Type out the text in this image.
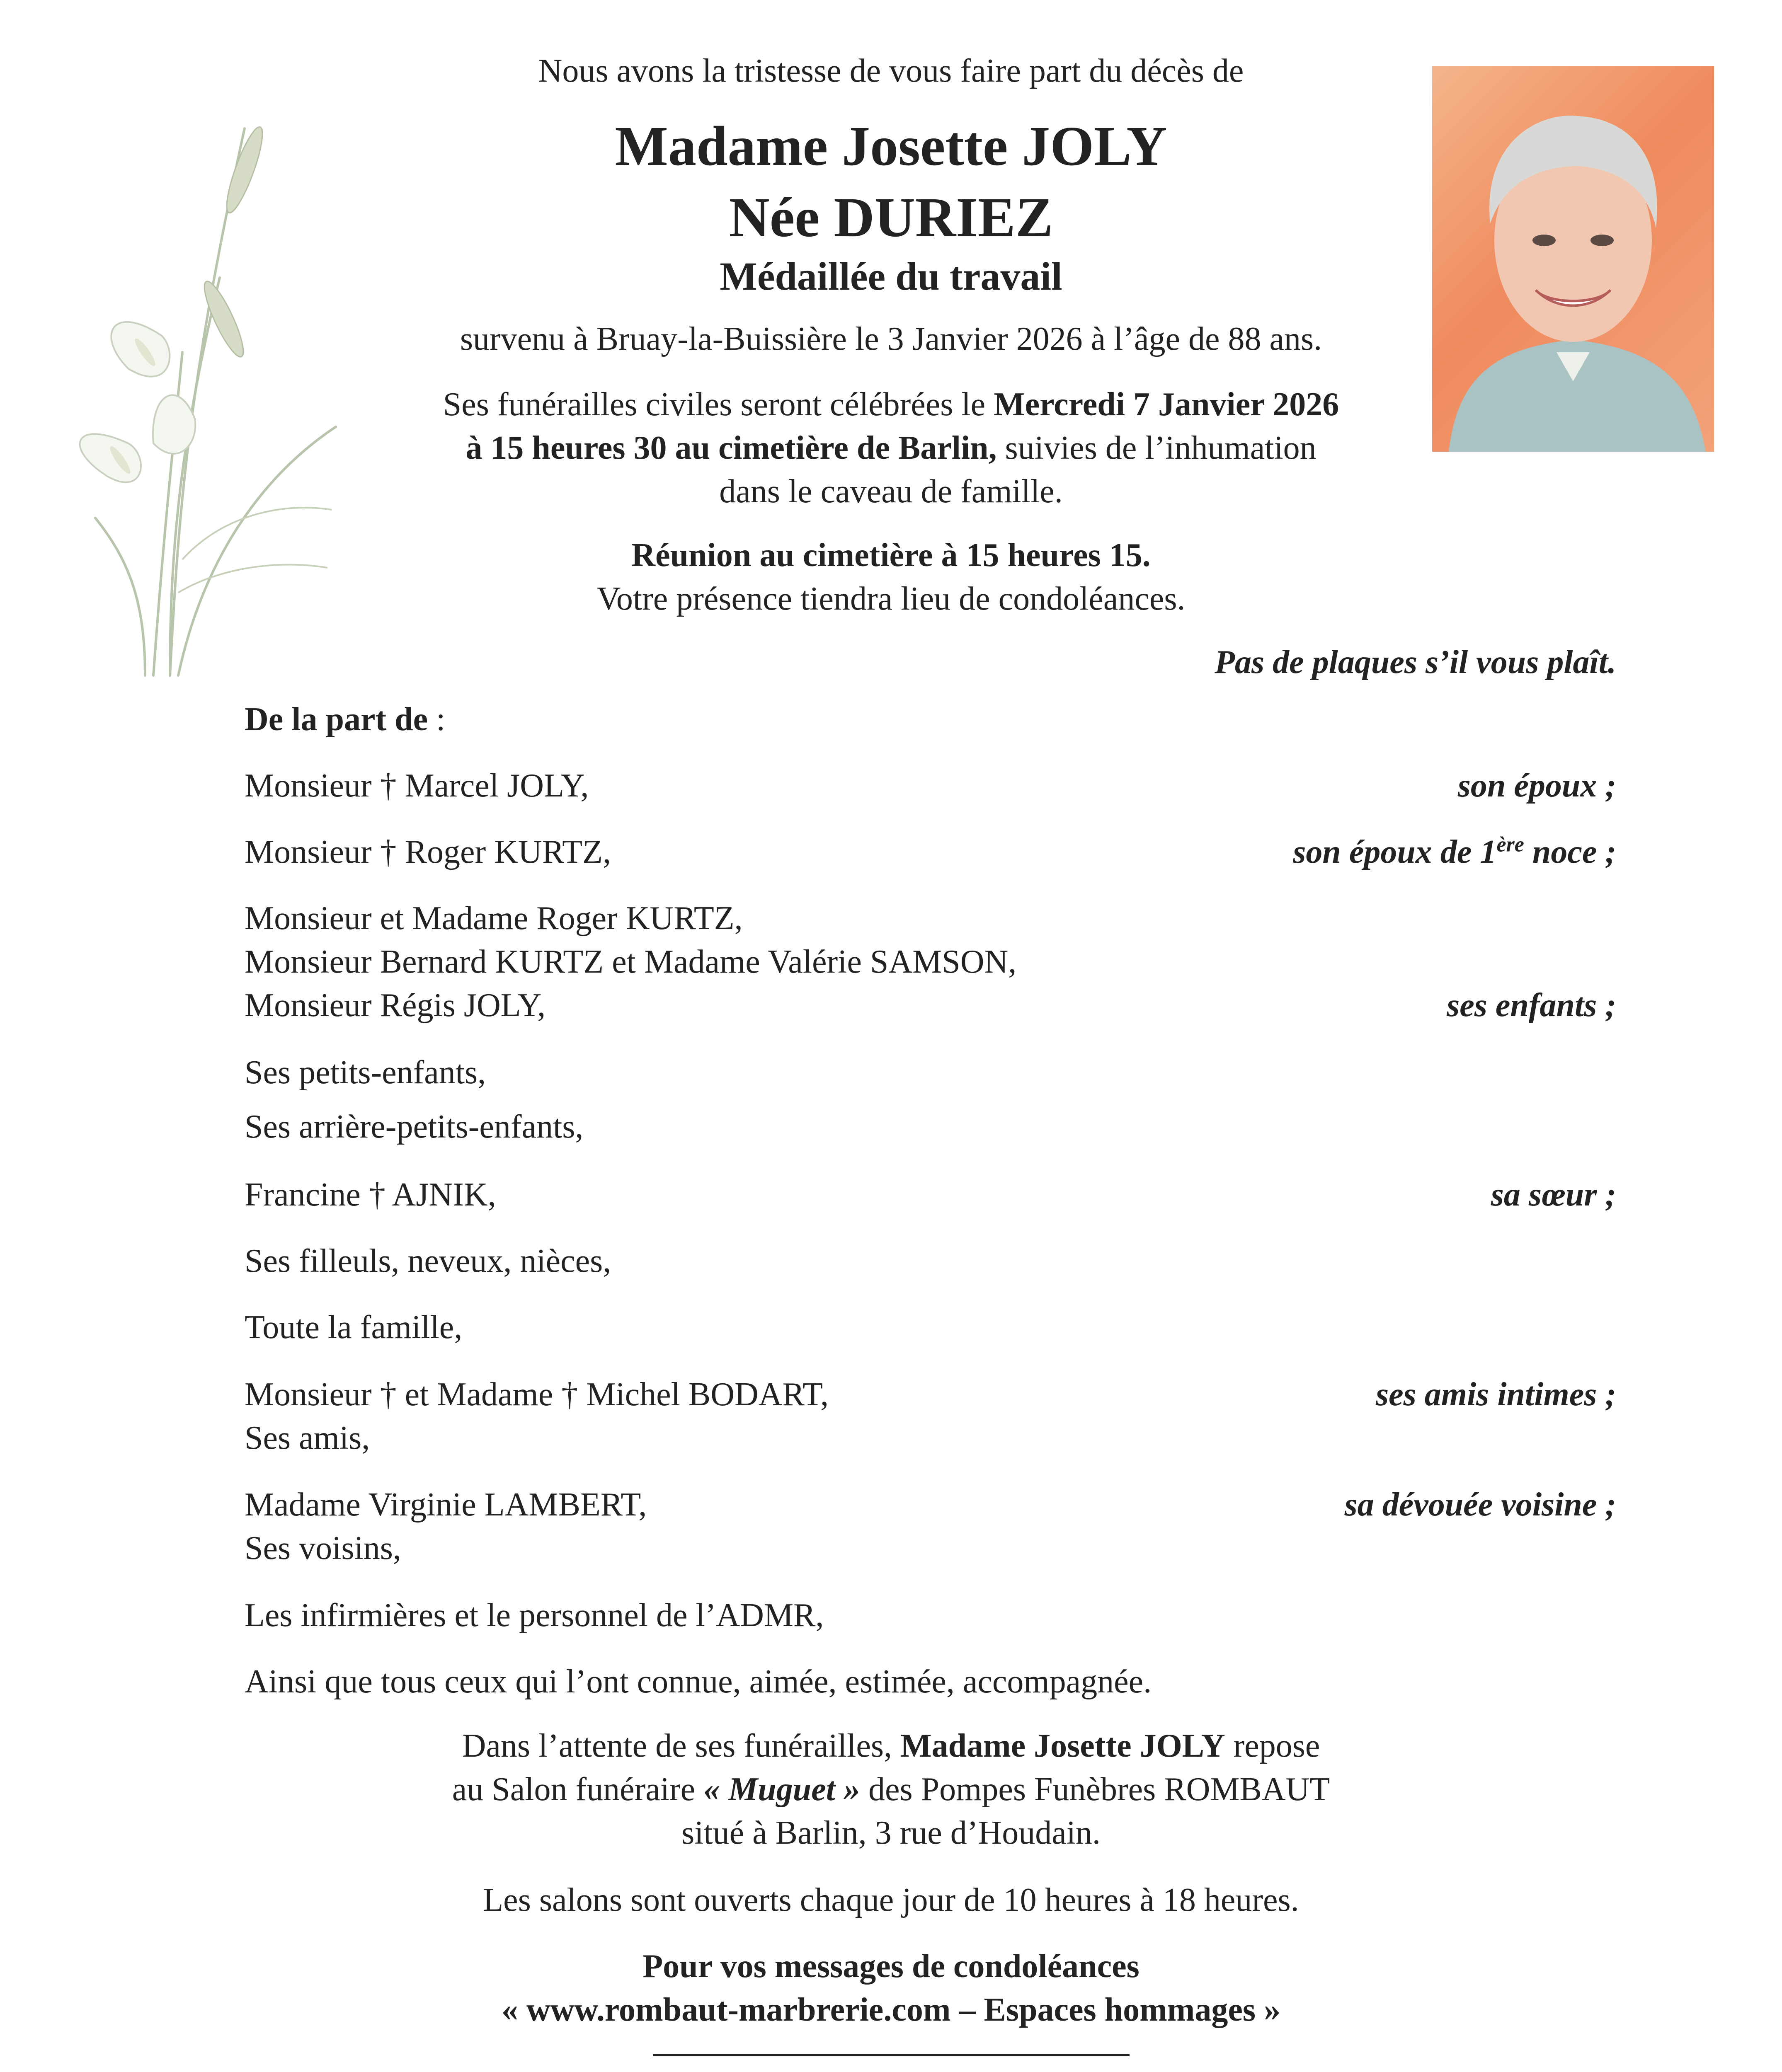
Nous avons la tristesse de vous faire part du décès de
Madame Josette JOLY
Née DURIEZ
Médaillée du travail
survenu à Bruay-la-Buissière le 3 Janvier 2026 à l’âge de 88 ans.
Ses funérailles civiles seront célébrées le Mercredi 7 Janvier 2026
à 15 heures 30 au cimetière de Barlin, suivies de l’inhumation
dans le caveau de famille.
Réunion au cimetière à 15 heures 15.
Votre présence tiendra lieu de condoléances.
Pas de plaques s’il vous plaît.
De la part de :
Monsieur † Marcel JOLY,	son époux ;
Monsieur † Roger KURTZ,	son époux de 1ère noce ;
Monsieur et Madame Roger KURTZ,
Monsieur Bernard KURTZ et Madame Valérie SAMSON,
Monsieur Régis JOLY,	ses enfants ;
Ses petits-enfants,
Ses arrière-petits-enfants,
Francine † AJNIK,	sa sœur ;
Ses filleuls, neveux, nièces,
Toute la famille,
Monsieur † et Madame † Michel BODART,	ses amis intimes ;
Ses amis,
Madame Virginie LAMBERT,	sa dévouée voisine ;
Ses voisins,
Les infirmières et le personnel de l’ADMR,
Ainsi que tous ceux qui l’ont connue, aimée, estimée, accompagnée.
Dans l’attente de ses funérailles, Madame Josette JOLY repose
au Salon funéraire « Muguet » des Pompes Funèbres ROMBAUT
situé à Barlin, 3 rue d’Houdain.
Les salons sont ouverts chaque jour de 10 heures à 18 heures.
Pour vos messages de condoléances
« www.rombaut-marbrerie.com – Espaces hommages »
